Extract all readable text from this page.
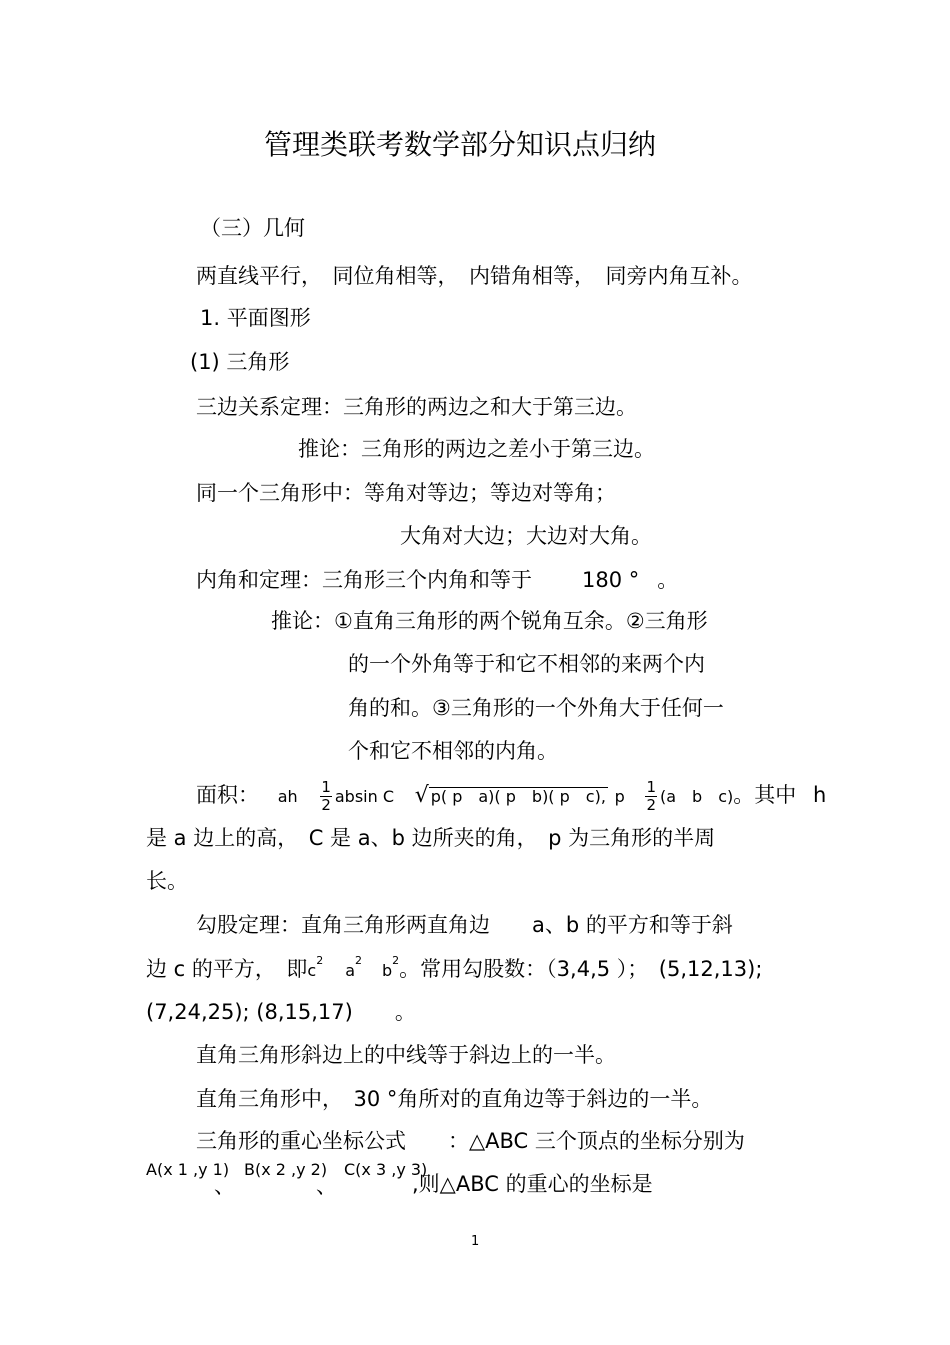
管理类联考数学部分知识点归纳
（三）几何
两直线平行，　同位角相等，　内错角相等，　同旁内角互补。
1. 平面图形
(1) 三角形
三边关系定理：三角形的两边之和大于第三边。
推论：三角形的两边之差小于第三边。
同一个三角形中：等角对等边；等边对等角；
大角对大边；大边对大角。
内角和定理：三角形三个内角和等于 180 ° 。
推论：①直角三角形的两个锐角互余。②三角形
的一个外角等于和它不相邻的来两个内
角的和。③三角形的一个外角大于任何一
个和它不相邻的内角。
面积： ah $\frac{1}{2}$ absin C √ p( p　a)( p　b)( p　c), p $\frac{1}{2} (a$　b　c)。其中 h
是 a 边上的高，　C 是 a、b 边所夹的角，　p 为三角形的半周
长。
勾股定理：直角三角形两直角边　　a、b 的平方和等于斜
边 c 的平方，　即$c^2a^2b^2$。常用勾股数：（3,4,5 ）；　(5,12,13);
(7,24,25); (8,15,17)　　。
直角三角形斜边上的中线等于斜边上的一半。
直角三角形中，　30 °角所对的直角边等于斜边的一半。
三角形的重心坐标公式　　：△ABC 三个顶点的坐标分别为
A(x 1 ,y 1)
、
B(x 2 ,y 2)
、
C(x 3 ,y 3)
,则△ABC 的重心的坐标是
1
